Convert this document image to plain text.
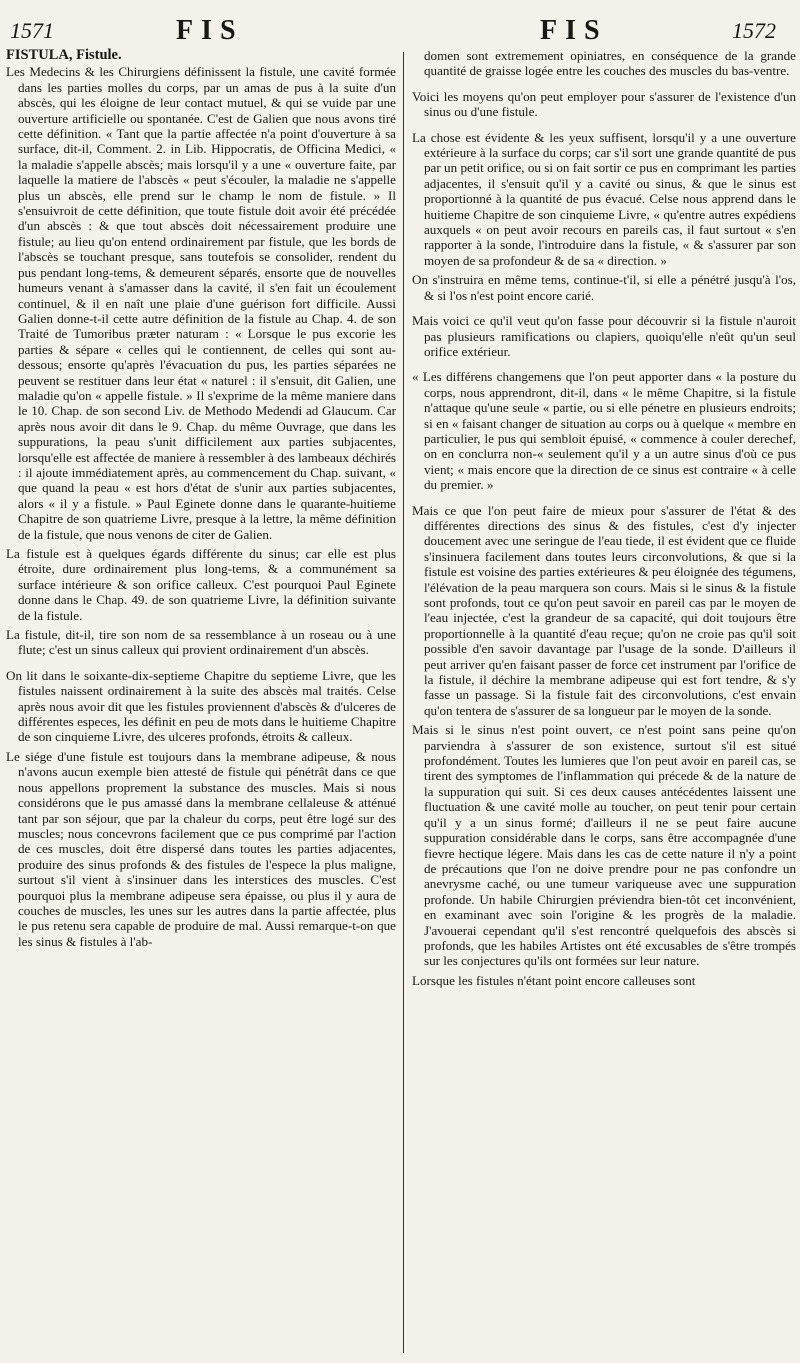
1571	FIS	FIS	1572
FISTULA, Fistule.

Les Medecins & les Chirurgiens définissent la fistule, une cavité formée dans les parties molles du corps, par un amas de pus à la suite d'un abscès, qui les éloigne de leur contact mutuel, & qui se vuide par une ouverture artificielle ou spontanée. C'est de Galien que nous avons tiré cette définition. « Tant que la partie affectée n'a point d'ouverture à sa surface, dit-il, Comment. 2. in Lib. Hippocratis, de Officina Medici, « la maladie s'appelle abscès; mais lorsqu'il y a une « ouverture faite, par laquelle la matiere de l'abscès « peut s'écouler, la maladie ne s'appelle plus un abscès, elle prend sur le champ le nom de fistule. » Il s'ensuivroit de cette définition, que toute fistule doit avoir été précédée d'un abscès : & que tout abscès doit nécessairement produire une fistule; au lieu qu'on entend ordinairement par fistule, que les bords de l'abscès se touchant presque, sans toutefois se consolider, rendent du pus pendant long-tems, & demeurent séparés, ensorte que de nouvelles humeurs venant à s'amasser dans la cavité, il s'en fait un écoulement continuel, & il en naît une plaie d'une guérison fort difficile. Aussi Galien donne-t-il cette autre définition de la fistule au Chap. 4. de son Traité de Tumoribus præter naturam : « Lorsque le pus excorie les parties & sépare « celles qui le contiennent, de celles qui sont au-dessous; ensorte qu'après l'évacuation du pus, les parties séparées ne peuvent se restituer dans leur état « naturel : il s'ensuit, dit Galien, une maladie qu'on « appelle fistule. » Il s'exprime de la même maniere dans le 10. Chap. de son second Liv. de Methodo Medendi ad Glaucum. Car après nous avoir dit dans le 9. Chap. du même Ouvrage, que dans les suppurations, la peau s'unit difficilement aux parties subjacentes, lorsqu'elle est affectée de maniere à ressembler à des lambeaux déchirés : il ajoute immédiatement après, au commencement du Chap. suivant, « que quand la peau « est hors d'état de s'unir aux parties subjacentes, alors « il y a fistule. » Paul Eginete donne dans le quarante-huitieme Chapitre de son quatrieme Livre, presque à la lettre, la même définition de la fistule, que nous venons de citer de Galien.

La fistule est à quelques égards différente du sinus; car elle est plus étroite, dure ordinairement plus long-tems, & a communément sa surface intérieure & son orifice calleux. C'est pourquoi Paul Eginete donne dans le Chap. 49. de son quatrieme Livre, la définition suivante de la fistule.

La fistule, dit-il, tire son nom de sa ressemblance à un roseau ou à une flute; c'est un sinus calleux qui provient ordinairement d'un abscès.

On lit dans le soixante-dix-septieme Chapitre du septieme Livre, que les fistules naissent ordinairement à la suite des abscès mal traités. Celse après nous avoir dit que les fistules proviennent d'abscès & d'ulceres de différentes especes, les définit en peu de mots dans le huitieme Chapitre de son cinquieme Livre, des ulceres profonds, étroits & calleux.

Le siége d'une fistule est toujours dans la membrane adipeuse, & nous n'avons aucun exemple bien attesté de fistule qui pénétrât dans ce que nous appellons proprement la substance des muscles. Mais si nous considérons que le pus amassé dans la membrane cellaleuse & atténué tant par son séjour, que par la chaleur du corps, peut être logé sur des muscles; nous concevrons facilement que ce pus comprimé par l'action de ces muscles, doit être dispersé dans toutes les parties adjacentes, produire des sinus profonds & des fistules de l'espece la plus maligne, surtout s'il vient à s'insinuer dans les interstices des muscles. C'est pourquoi plus la membrane adipeuse sera épaisse, ou plus il y aura de couches de muscles, les unes sur les autres dans la partie affectée, plus le pus retenu sera capable de produire de mal. Aussi remarque-t-on que les sinus & fistules à l'ab-

domen sont extremement opiniatres, en conséquence de la grande quantité de graisse logée entre les couches des muscles du bas-ventre.

Voici les moyens qu'on peut employer pour s'assurer de l'existence d'un sinus ou d'une fistule.

La chose est évidente & les yeux suffisent, lorsqu'il y a une ouverture extérieure à la surface du corps; car s'il sort une grande quantité de pus par un petit orifice, ou si on fait sortir ce pus en comprimant les parties adjacentes, il s'ensuit qu'il y a cavité ou sinus, & que le sinus est proportionné à la quantité de pus évacué. Celse nous apprend dans le huitieme Chapitre de son cinquieme Livre, « qu'entre autres expédiens auxquels « on peut avoir recours en pareils cas, il faut surtout « s'en rapporter à la sonde, l'introduire dans la fistule, « & s'assurer par son moyen de sa profondeur & de sa « direction. »

On s'instruira en même tems, continue-t'il, si elle a pénétré jusqu'à l'os, & si l'os n'est point encore carié.

Mais voici ce qu'il veut qu'on fasse pour découvrir si la fistule n'auroit pas plusieurs ramifications ou clapiers, quoiqu'elle n'eût qu'un seul orifice extérieur.

« Les différens changemens que l'on peut apporter dans « la posture du corps, nous apprendront, dit-il, dans « le même Chapitre, si la fistule n'attaque qu'une seule « partie, ou si elle pénetre en plusieurs endroits; si en « faisant changer de situation au corps ou à quelque « membre en particulier, le pus qui sembloit épuisé, « commence à couler derechef, on en conclurra non-« seulement qu'il y a un autre sinus d'où ce pus vient; « mais encore que la direction de ce sinus est contraire « à celle du premier. »

Mais ce que l'on peut faire de mieux pour s'assurer de l'état & des différentes directions des sinus & des fistules, c'est d'y injecter doucement avec une seringue de l'eau tiede, il est évident que ce fluide s'insinuera facilement dans toutes leurs circonvolutions, & que si la fistule est voisine des parties extérieures & peu éloignée des tégumens, l'élévation de la peau marquera son cours. Mais si le sinus & la fistule sont profonds, tout ce qu'on peut savoir en pareil cas par le moyen de l'eau injectée, c'est la grandeur de sa capacité, qui doit toujours être proportionnelle à la quantité d'eau reçue; qu'on ne croie pas qu'il soit possible d'en savoir davantage par l'usage de la sonde. D'ailleurs il peut arriver qu'en faisant passer de force cet instrument par l'orifice de la fistule, il déchire la membrane adipeuse qui est fort tendre, & s'y fasse un passage. Si la fistule fait des circonvolutions, c'est envain qu'on tentera de s'assurer de sa longueur par le moyen de la sonde.

Mais si le sinus n'est point ouvert, ce n'est point sans peine qu'on parviendra à s'assurer de son existence, surtout s'il est situé profondément. Toutes les lumieres que l'on peut avoir en pareil cas, se tirent des symptomes de l'inflammation qui précede & de la nature de la suppuration qui suit. Si ces deux causes antécédentes laissent une fluctuation & une cavité molle au toucher, on peut tenir pour certain qu'il y a un sinus formé; d'ailleurs il ne se peut faire aucune suppuration considérable dans le corps, sans être accompagnée d'une fievre hectique légere. Mais dans les cas de cette nature il n'y a point de précautions que l'on ne doive prendre pour ne pas confondre un anevrysme caché, ou une tumeur variqueuse avec une suppuration profonde. Un habile Chirurgien préviendra bien-tôt cet inconvénient, en examinant avec soin l'origine & les progrès de la maladie. J'avouerai cependant qu'il s'est rencontré quelquefois des abscès si profonds, que les habiles Artistes ont été excusables de s'être trompés sur les conjectures qu'ils ont formées sur leur nature.

Lorsque les fistules n'étant point encore calleuses sont
